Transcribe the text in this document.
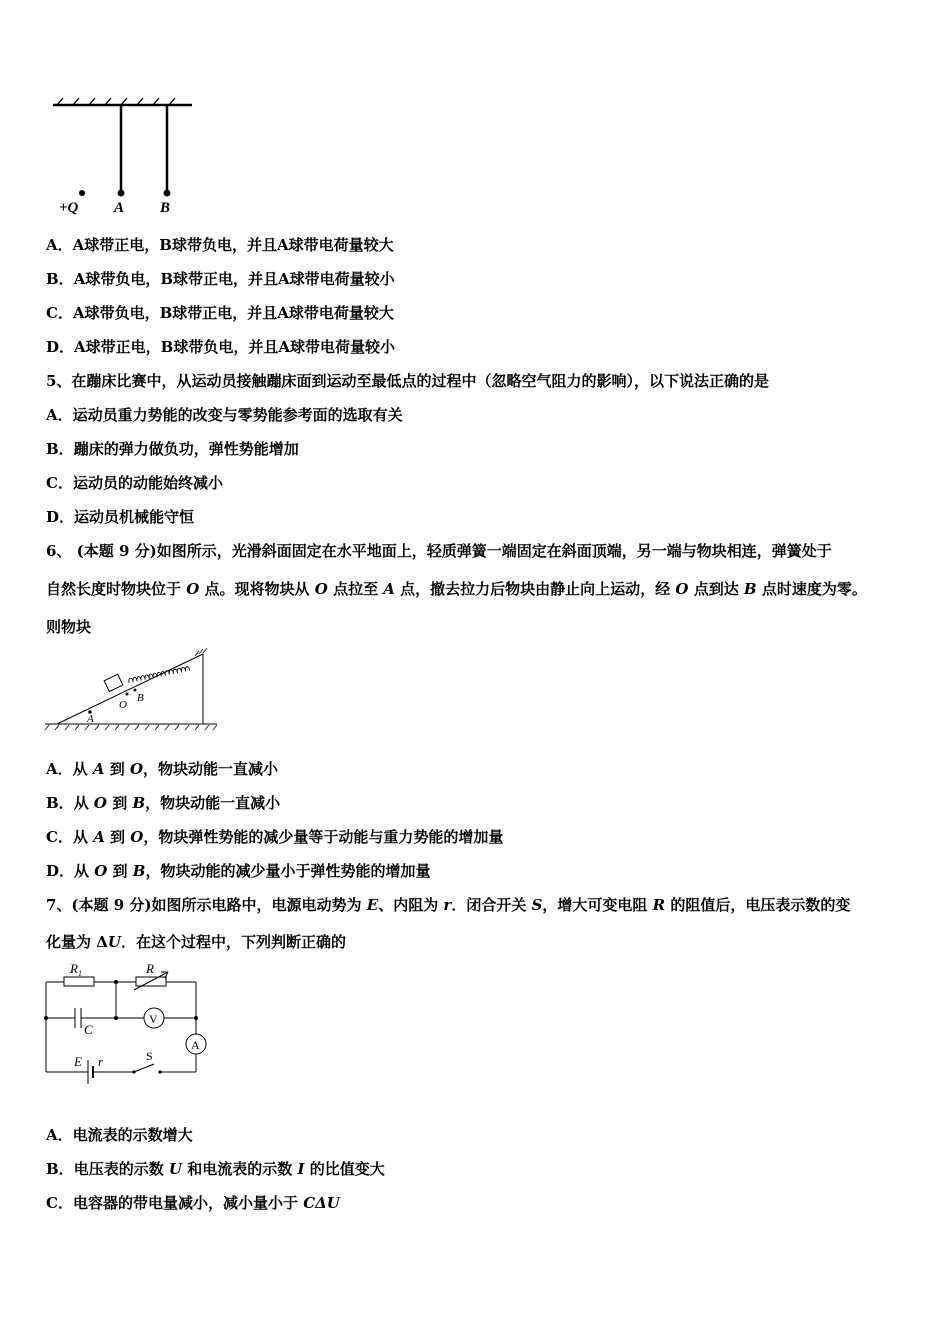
+Q A B
A．A球带正电，B球带负电，并且A球带电荷量较大
B．A球带负电，B球带正电，并且A球带电荷量较小
C．A球带负电，B球带正电，并且A球带电荷量较大
D．A球带正电，B球带负电，并且A球带电荷量较小
5、在蹦床比赛中，从运动员接触蹦床面到运动至最低点的过程中（忽略空气阻力的影响），以下说法正确的是
A．运动员重力势能的改变与零势能参考面的选取有关
B．蹦床的弹力做负功，弹性势能增加
C．运动员的动能始终减小
D．运动员机械能守恒
6、 (本题 9 分)如图所示，光滑斜面固定在水平地面上，轻质弹簧一端固定在斜面顶端，另一端与物块相连，弹簧处于
自然长度时物块位于 O 点。现将物块从 O 点拉至 A 点，撤去拉力后物块由静止向上运动，经 O 点到达 B 点时速度为零。
则物块
O
A
B
A．从 A 到 O，物块动能一直减小
B．从 O 到 B，物块动能一直减小
C．从 A 到 O，物块弹性势能的减少量等于动能与重力势能的增加量
D．从 O 到 B，物块动能的减少量小于弹性势能的增加量
7、(本题 9 分)如图所示电路中，电源电动势为 E、内阻为 r．闭合开关 S，增大可变电阻 R 的阻值后，电压表示数的变
化量为 ΔU．在这个过程中，下列判断正确的
$R_1$	R
C
V
A
E r	S
A．电流表的示数增大
B．电压表的示数 U 和电流表的示数 I 的比值变大
C．电容器的带电量减小，减小量小于 CΔU
